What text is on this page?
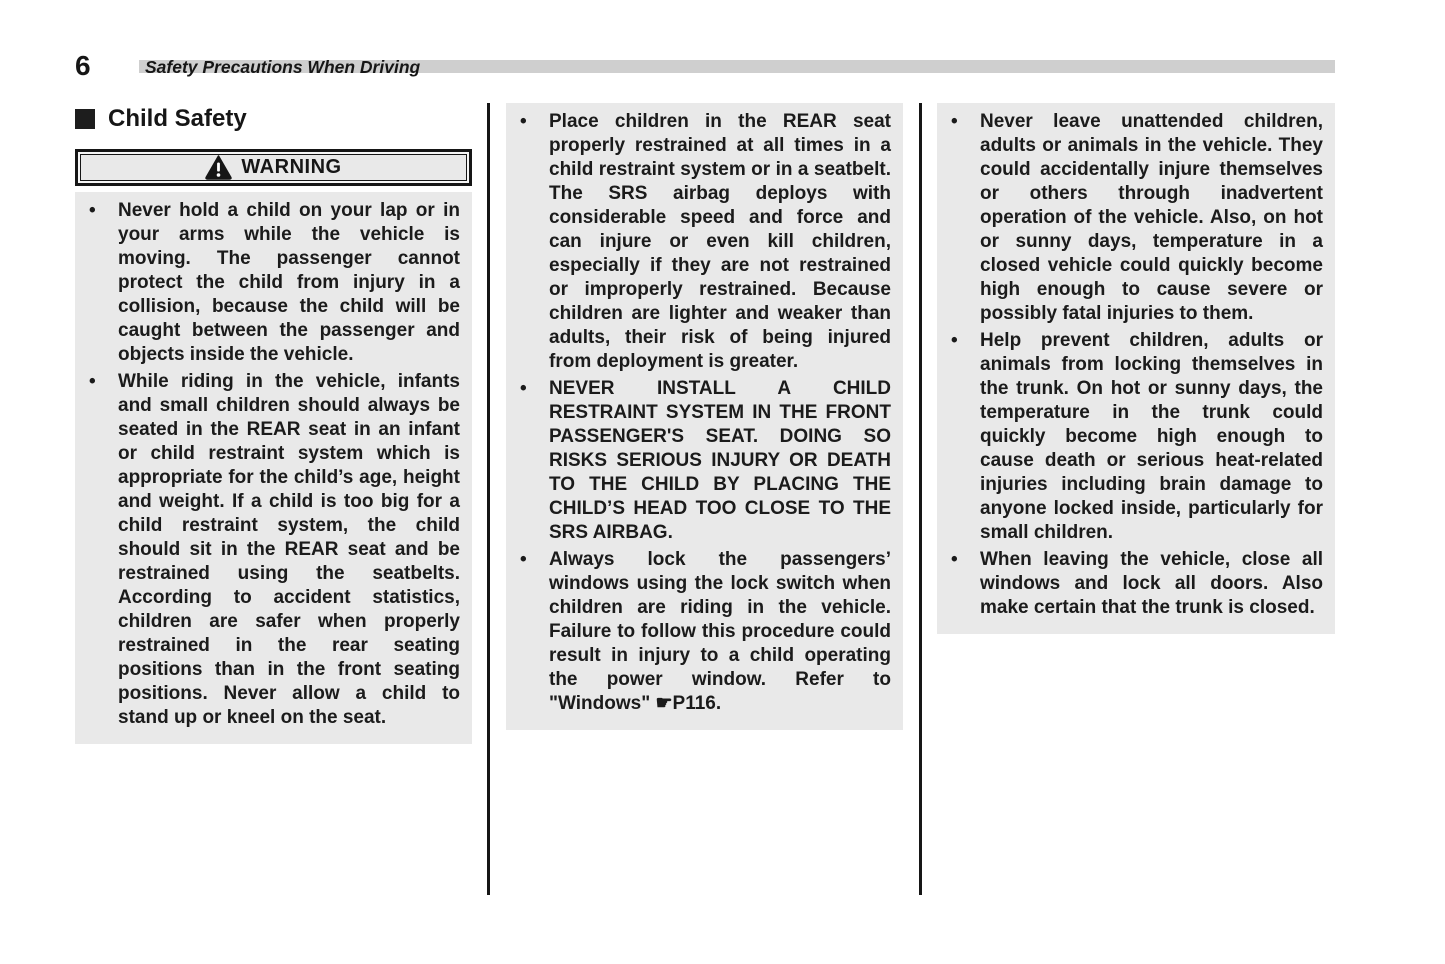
6	Safety Precautions When Driving
Child Safety
WARNING
• Never hold a child on your lap or in your arms while the vehicle is moving. The passenger cannot protect the child from injury in a collision, because the child will be caught between the passenger and objects inside the vehicle.
• While riding in the vehicle, infants and small children should always be seated in the REAR seat in an infant or child restraint system which is appropriate for the child’s age, height and weight. If a child is too big for a child restraint system, the child should sit in the REAR seat and be restrained using the seatbelts. According to accident statistics, children are safer when properly restrained in the rear seating positions than in the front seating positions. Never allow a child to stand up or kneel on the seat.
• Place children in the REAR seat properly restrained at all times in a child restraint system or in a seatbelt. The SRS airbag deploys with considerable speed and force and can injure or even kill children, especially if they are not restrained or improperly restrained. Because children are lighter and weaker than adults, their risk of being injured from deployment is greater.
• NEVER INSTALL A CHILD RESTRAINT SYSTEM IN THE FRONT PASSENGER'S SEAT. DOING SO RISKS SERIOUS INJURY OR DEATH TO THE CHILD BY PLACING THE CHILD’S HEAD TOO CLOSE TO THE SRS AIRBAG.
• Always lock the passengers’ windows using the lock switch when children are riding in the vehicle. Failure to follow this procedure could result in injury to a child operating the power window. Refer to "Windows" ☛P116.
• Never leave unattended children, adults or animals in the vehicle. They could accidentally injure themselves or others through inadvertent operation of the vehicle. Also, on hot or sunny days, temperature in a closed vehicle could quickly become high enough to cause severe or possibly fatal injuries to them.
• Help prevent children, adults or animals from locking themselves in the trunk. On hot or sunny days, the temperature in the trunk could quickly become high enough to cause death or serious heat-related injuries including brain damage to anyone locked inside, particularly for small children.
• When leaving the vehicle, close all windows and lock all doors. Also make certain that the trunk is closed.
